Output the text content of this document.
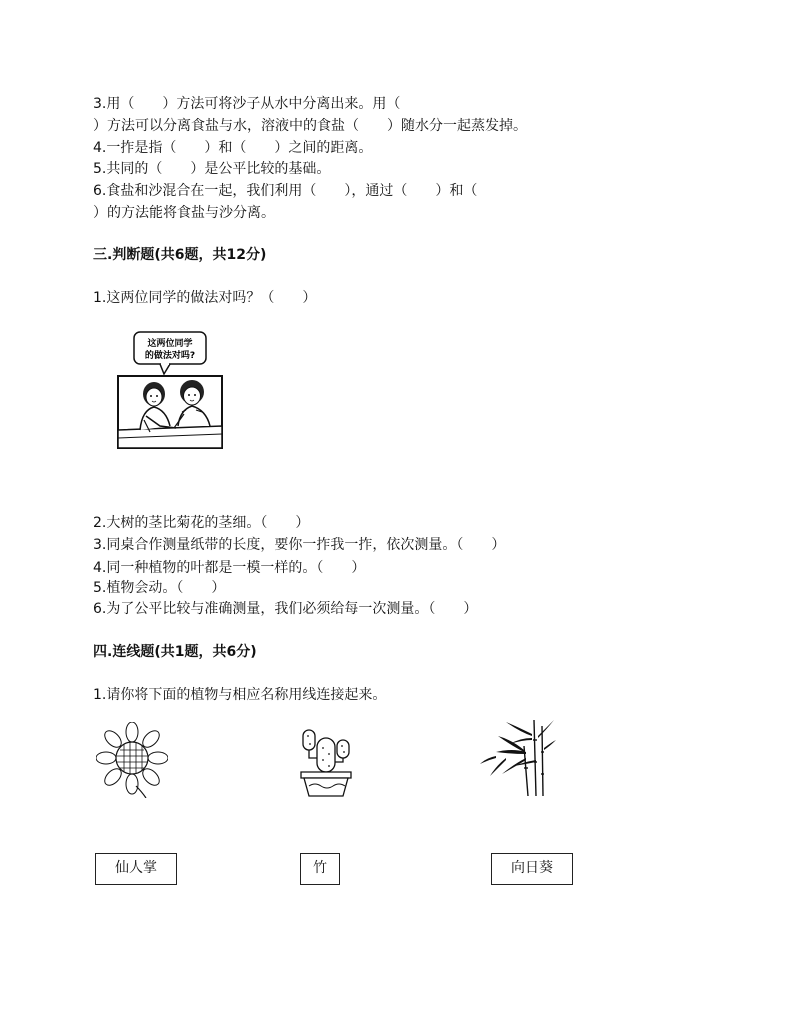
3.用（　　）方法可将沙子从水中分离出来。用（
）方法可以分离食盐与水，溶液中的食盐（　　）随水分一起蒸发掉。
4.一拃是指（　　）和（　　）之间的距离。
5.共同的（　　）是公平比较的基础。
6.食盐和沙混合在一起，我们利用（　　），通过（　　）和（
）的方法能将食盐与沙分离。
三.判断题(共6题，共12分)
1.这两位同学的做法对吗？（　　）
这两位同学
的做法对吗?
2.大树的茎比菊花的茎细。（　　）
3.同桌合作测量纸带的长度，要你一拃我一拃，依次测量。（　　）
4.同一种植物的叶都是一模一样的。（　　）
5.植物会动。（　　）
6.为了公平比较与准确测量，我们必须给每一次测量。（　　）
四.连线题(共1题，共6分)
1.请你将下面的植物与相应名称用线连接起来。
仙人掌	竹	向日葵
